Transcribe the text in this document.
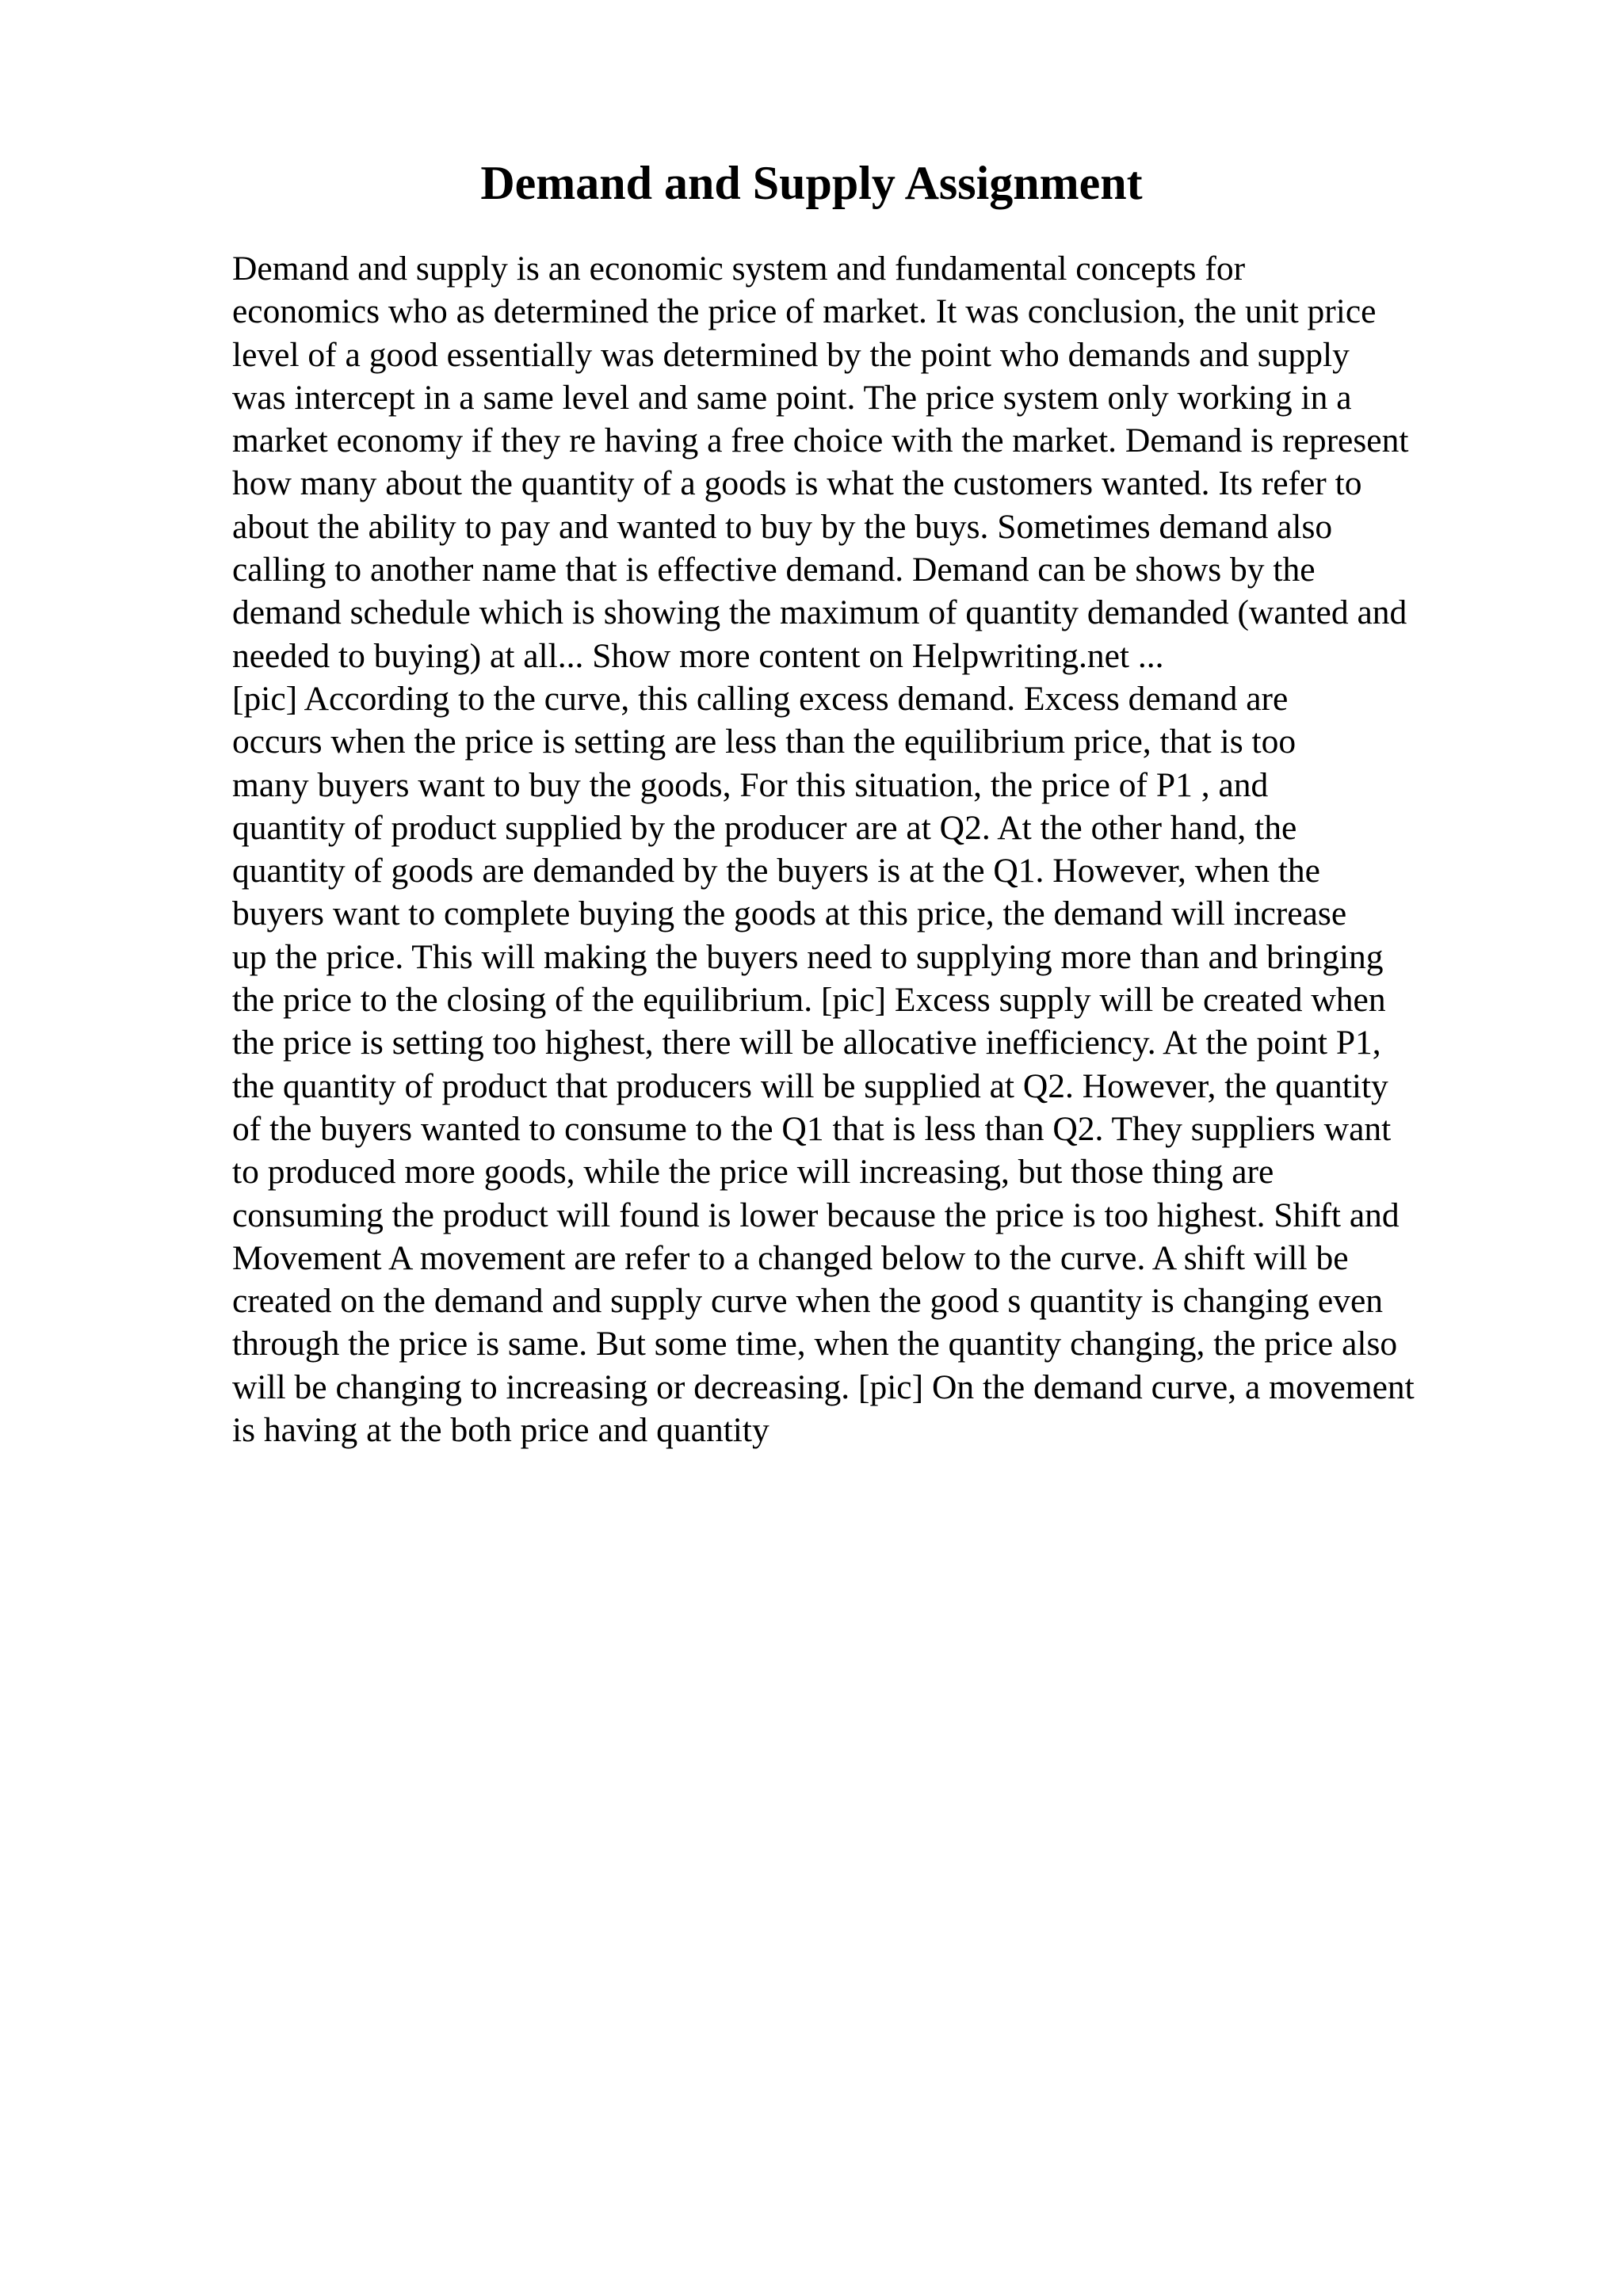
Demand and Supply Assignment
Demand and supply is an economic system and fundamental concepts for
economics who as determined the price of market. It was conclusion, the unit price
level of a good essentially was determined by the point who demands and supply
was intercept in a same level and same point. The price system only working in a
market economy if they re having a free choice with the market. Demand is represent
how many about the quantity of a goods is what the customers wanted. Its refer to
about the ability to pay and wanted to buy by the buys. Sometimes demand also
calling to another name that is effective demand. Demand can be shows by the
demand schedule which is showing the maximum of quantity demanded (wanted and
needed to buying) at all... Show more content on Helpwriting.net ...
[pic] According to the curve, this calling excess demand. Excess demand are
occurs when the price is setting are less than the equilibrium price, that is too
many buyers want to buy the goods, For this situation, the price of P1 , and
quantity of product supplied by the producer are at Q2. At the other hand, the
quantity of goods are demanded by the buyers is at the Q1. However, when the
buyers want to complete buying the goods at this price, the demand will increase
up the price. This will making the buyers need to supplying more than and bringing
the price to the closing of the equilibrium. [pic] Excess supply will be created when
the price is setting too highest, there will be allocative inefficiency. At the point P1,
the quantity of product that producers will be supplied at Q2. However, the quantity
of the buyers wanted to consume to the Q1 that is less than Q2. They suppliers want
to produced more goods, while the price will increasing, but those thing are
consuming the product will found is lower because the price is too highest. Shift and
Movement A movement are refer to a changed below to the curve. A shift will be
created on the demand and supply curve when the good s quantity is changing even
through the price is same. But some time, when the quantity changing, the price also
will be changing to increasing or decreasing. [pic] On the demand curve, a movement
is having at the both price and quantity
